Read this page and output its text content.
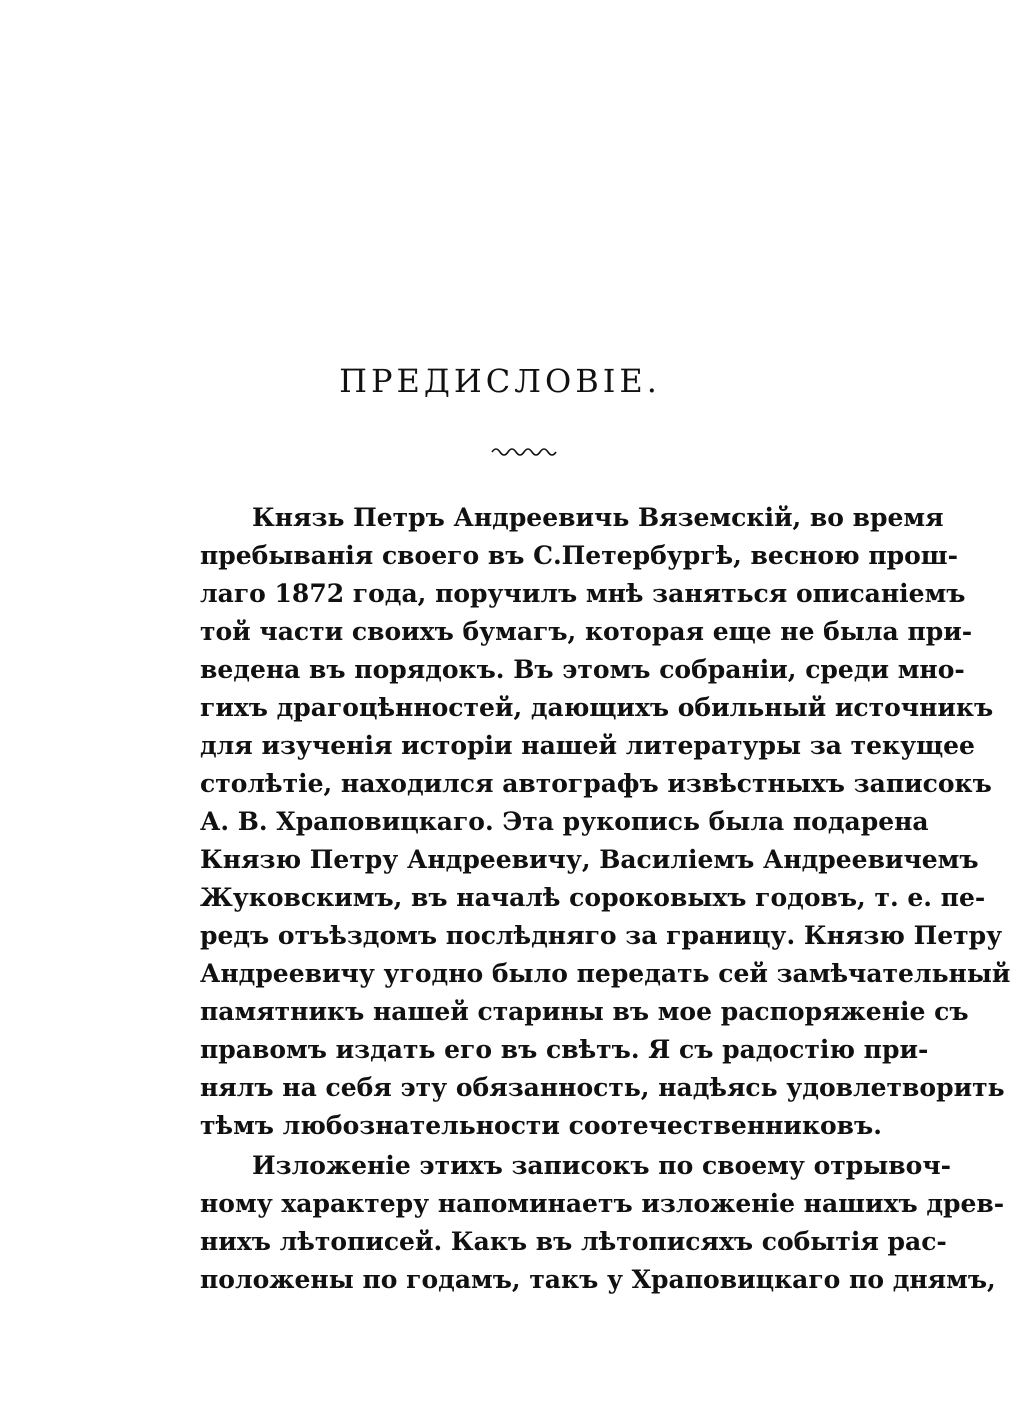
ПРЕДИСЛОВІЕ.
Князь Петръ Андреевичь Вяземскій, во время
пребыванія своего въ С.Петербургѣ, весною прош-
лаго 1872 года, поручилъ мнѣ заняться описаніемъ
той части своихъ бумагъ, которая еще не была при-
ведена въ порядокъ. Въ этомъ собраніи, среди мно-
гихъ драгоцѣнностей, дающихъ обильный источникъ
для изученія исторіи нашей литературы за текущее
столѣтіе, находился автографъ извѣстныхъ записокъ
А. В. Храповицкаго. Эта рукопись была подарена
Князю Петру Андреевичу, Василіемъ Андреевичемъ
Жуковскимъ, въ началѣ сороковыхъ годовъ, т. е. пе-
редъ отъѣздомъ послѣдняго за границу. Князю Петру
Андреевичу угодно было передать сей замѣчательный
памятникъ нашей старины въ мое распоряженіе съ
правомъ издать его въ свѣтъ. Я съ радостію при-
нялъ на себя эту обязанность, надѣясь удовлетворить
тѣмъ любознательности соотечественниковъ.
Изложеніе этихъ записокъ по своему отрывоч-
ному характеру напоминаетъ изложеніе нашихъ древ-
нихъ лѣтописей. Какъ въ лѣтописяхъ событія рас-
положены по годамъ, такъ у Храповицкаго по днямъ,
